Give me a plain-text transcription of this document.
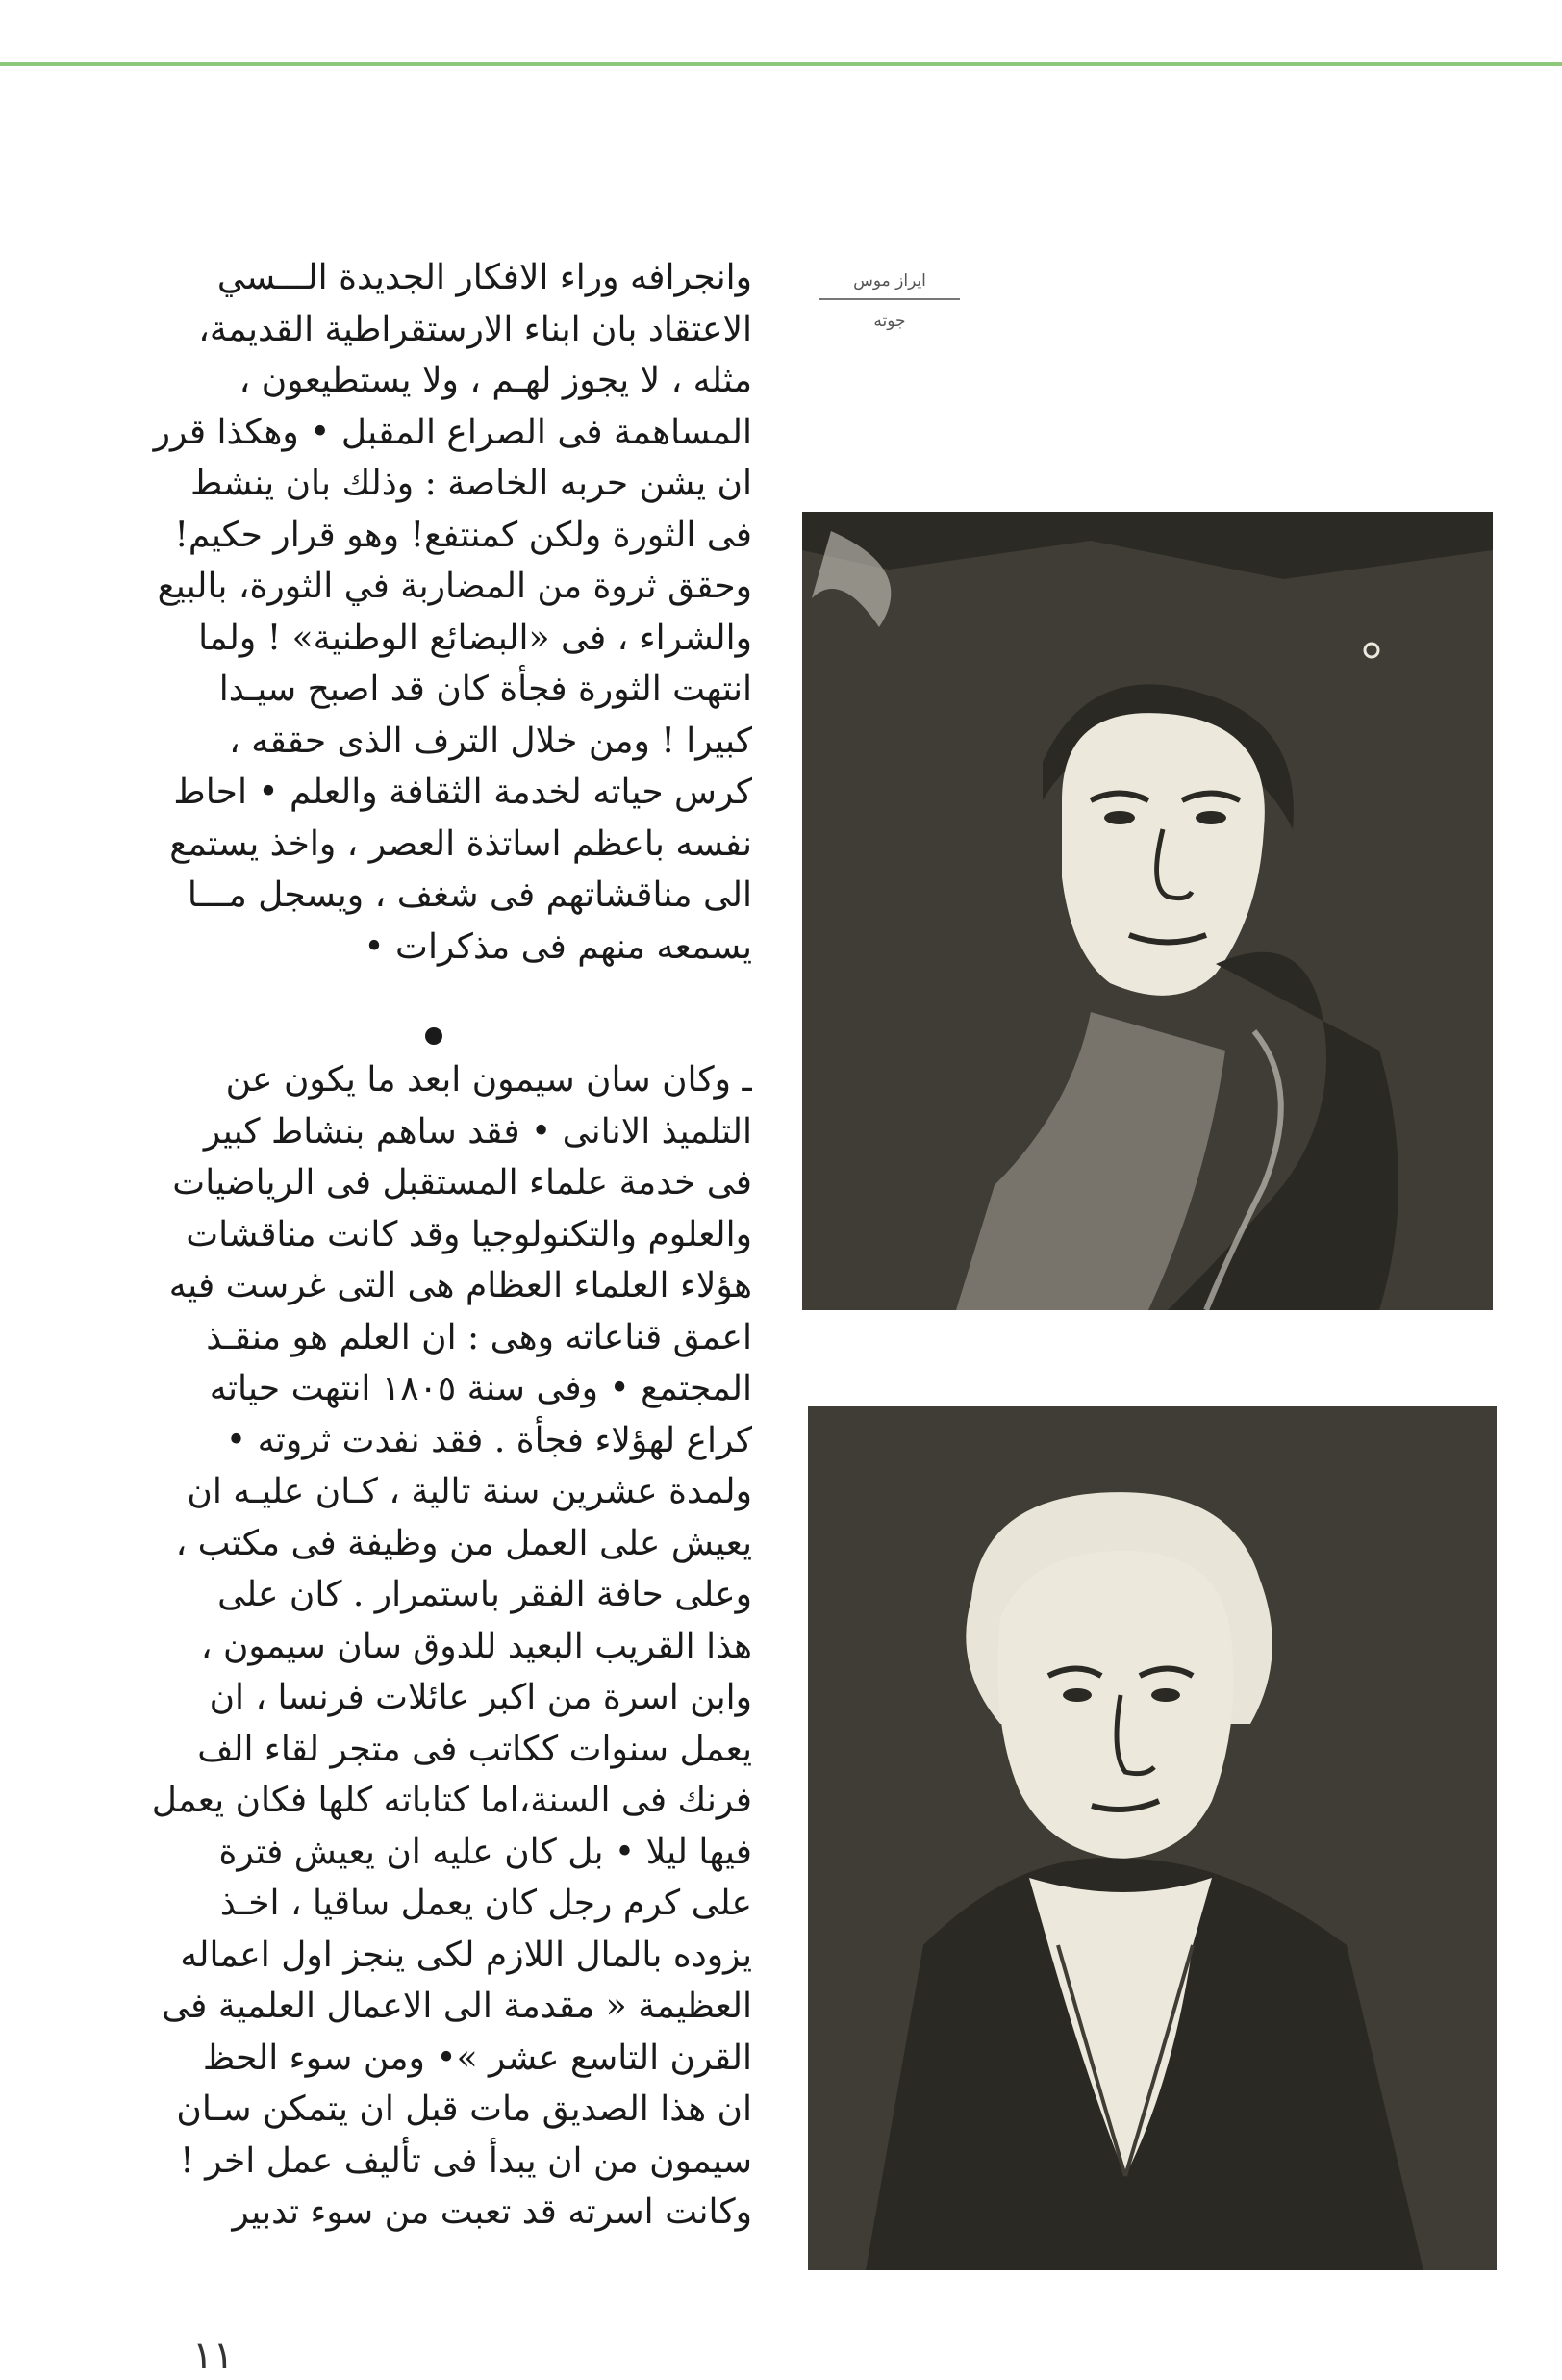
وانجرافه وراء الافكار الجديدة الـــسي
الاعتقاد بان ابناء الارستقراطية القديمة،
مثله ، لا يجوز لهـم ، ولا يستطيعون ،
المساهمة فى الصراع المقبل • وهكذا قرر
ان يشن حربه الخاصة : وذلك بان ينشط
فى الثورة ولكن كمنتفع! وهو قرار حكيم!
وحقق ثروة من المضاربة في الثورة، بالبيع
والشراء ، فى «البضائع الوطنية» ! ولما
انتهت الثورة فجأة كان قد اصبح سيـدا
كبيرا ! ومن خلال الترف الذى حققه ،
كرس حياته لخدمة الثقافة والعلم • احاط
نفسه باعظم اساتذة العصر ، واخذ يستمع
الى مناقشاتهم فى شغف ، ويسجل مـــا
يسمعه منهم فى مذكرات •
ـ وكان سان سيمون ابعد ما يكون عن
التلميذ الانانى • فقد ساهم بنشاط كبير
فى خدمة علماء المستقبل فى الرياضيات
والعلوم والتكنولوجيا وقد كانت مناقشات
هؤلاء العلماء العظام هى التى غرست فيه
اعمق قناعاته وهى : ان العلم هو منقـذ
المجتمع • وفى سنة ١٨٠٥ انتهت حياته
كراع لهؤلاء فجأة . فقد نفدت ثروته •
ولمدة عشرين سنة تالية ، كـان عليـه ان
يعيش على العمل من وظيفة فى مكتب ،
وعلى حافة الفقر باستمرار . كان على
هذا القريب البعيد للدوق سان سيمون ،
وابن اسرة من اكبر عائلات فرنسا ، ان
يعمل سنوات ككاتب فى متجر لقاء الف
فرنك فى السنة،اما كتاباته كلها فكان يعمل
فيها ليلا • بل كان عليه ان يعيش فترة
على كرم رجل كان يعمل ساقيا ، اخـذ
يزوده بالمال اللازم لكى ينجز اول اعماله
العظيمة « مقدمة الى الاعمال العلمية فى
القرن التاسع عشر »• ومن سوء الحظ
ان هذا الصديق مات قبل ان يتمكن سـان
سيمون من ان يبدأ فى تأليف عمل اخر !
وكانت اسرته قد تعبت من سوء تدبير
ايراز موس
جوته
١١
